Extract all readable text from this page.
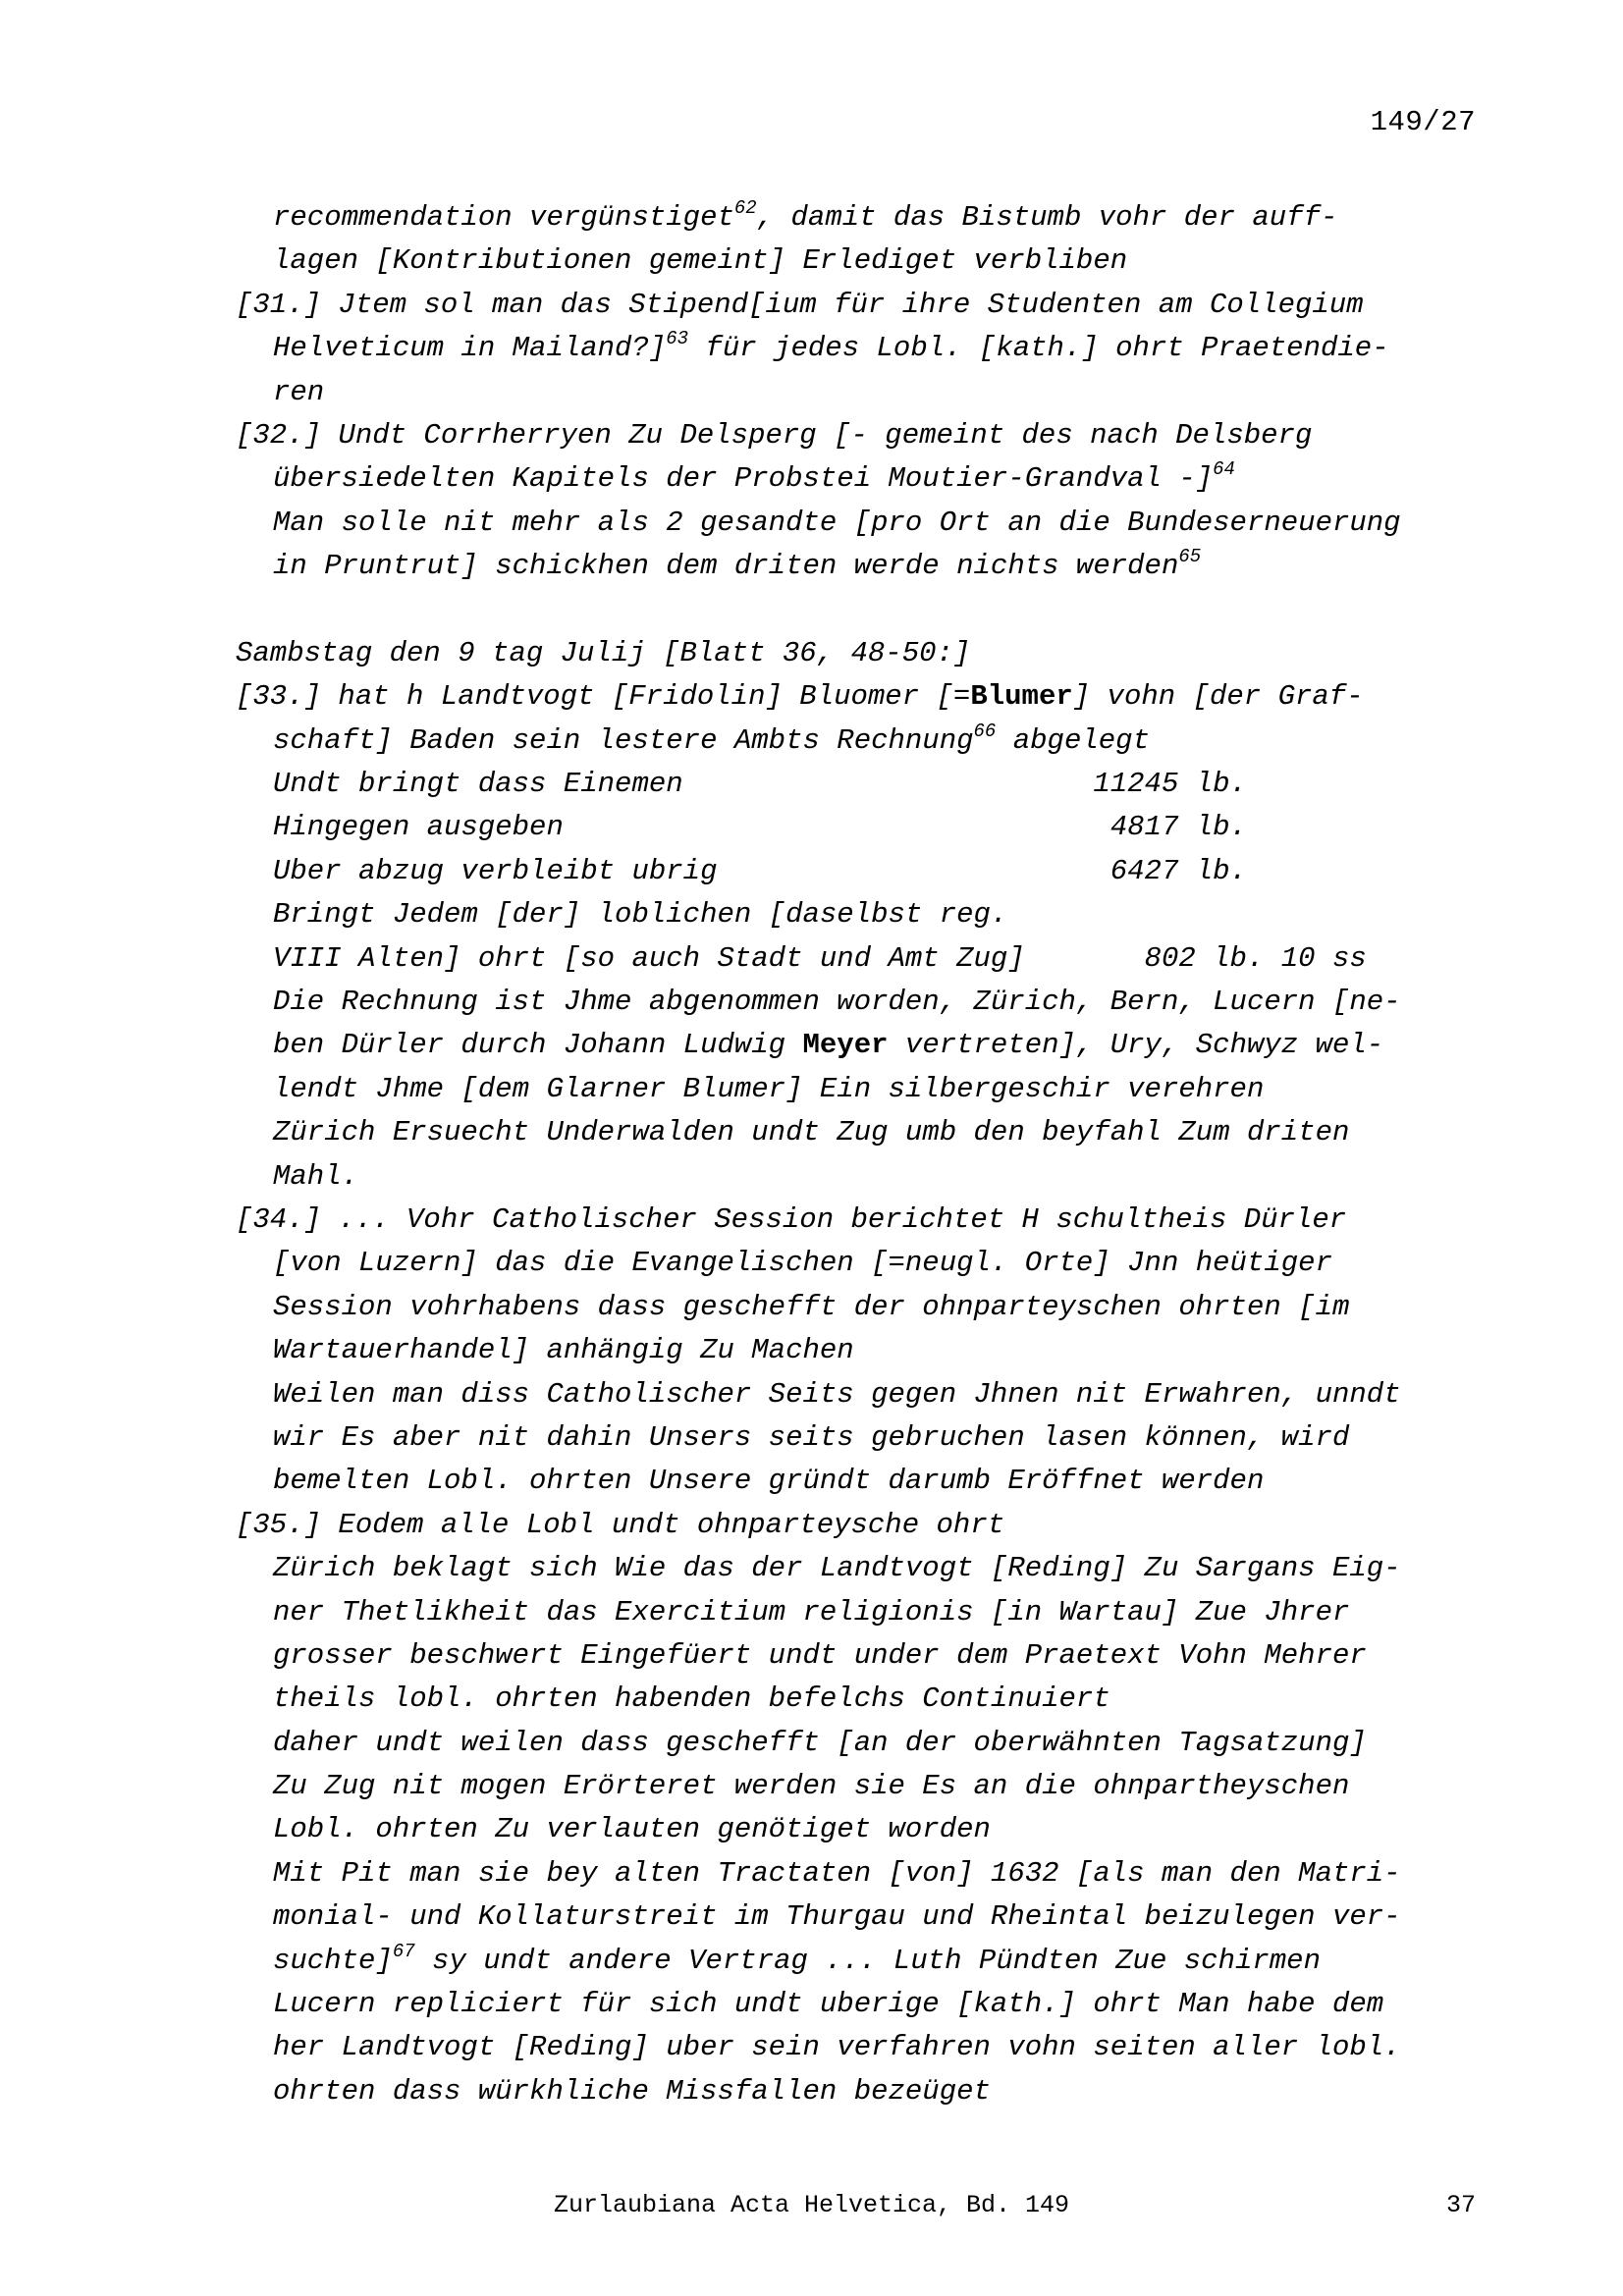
149/27
recommendation vergünstiget$^{62}$, damit das Bistumb vohr der auff-
lagen [Kontributionen gemeint] Erlediget verbliben
[31.] Jtem sol man das Stipend[ium für ihre Studenten am Collegium
Helveticum in Mailand?]$^{63}$ für jedes Lobl. [kath.] ohrt Praetendie-
ren
[32.] Undt Corrherryen Zu Delsperg [- gemeint des nach Delsberg
übersiedelten Kapitels der Probstei Moutier-Grandval -]$^{64}$
Man solle nit mehr als 2 gesandte [pro Ort an die Bundeserneuerung
in Pruntrut] schickhen dem driten werde nichts werden$^{65}$
Sambstag den 9 tag Julij [Blatt 36, 48-50:]
[33.] hat h Landtvogt [Fridolin] Bluomer [=Blumer] vohn [der Graf-
schaft] Baden sein lestere Ambts Rechnung$^{66}$ abgelegt
Undt bringt dass Einemen                        11245 lb.
Hingegen ausgeben                                4817 lb.
Uber abzug verbleibt ubrig                       6427 lb.
Bringt Jedem [der] loblichen [daselbst reg.
VIII Alten] ohrt [so auch Stadt und Amt Zug]       802 lb. 10 ss
Die Rechnung ist Jhme abgenommen worden, Zürich, Bern, Lucern [ne-
ben Dürler durch Johann Ludwig Meyer vertreten], Ury, Schwyz wel-
lendt Jhme [dem Glarner Blumer] Ein silbergeschir verehren
Zürich Ersuecht Underwalden undt Zug umb den beyfahl Zum driten
Mahl.
[34.] ... Vohr Catholischer Session berichtet H schultheis Dürler
[von Luzern] das die Evangelischen [=neugl. Orte] Jnn heütiger
Session vohrhabens dass geschefft der ohnparteyschen ohrten [im
Wartauerhandel] anhängig Zu Machen
Weilen man diss Catholischer Seits gegen Jhnen nit Erwahren, unndt
wir Es aber nit dahin Unsers seits gebruchen lasen können, wird
bemelten Lobl. ohrten Unsere gründt darumb Eröffnet werden
[35.] Eodem alle Lobl undt ohnparteysche ohrt
Zürich beklagt sich Wie das der Landtvogt [Reding] Zu Sargans Eig-
ner Thetlikheit das Exercitium religionis [in Wartau] Zue Jhrer
grosser beschwert Eingefüert undt under dem Praetext Vohn Mehrer
theils lobl. ohrten habenden befelchs Continuiert
daher undt weilen dass geschefft [an der oberwähnten Tagsatzung]
Zu Zug nit mogen Erörteret werden sie Es an die ohnpartheyschen
Lobl. ohrten Zu verlauten genötiget worden
Mit Pit man sie bey alten Tractaten [von] 1632 [als man den Matri-
monial- und Kollaturstreit im Thurgau und Rheintal beizulegen ver-
suchte]$^{67}$ sy undt andere Vertrag ... Luth Pündten Zue schirmen
Lucern repliciert für sich undt uberige [kath.] ohrt Man habe dem
her Landtvogt [Reding] uber sein verfahren vohn seiten aller lobl.
ohrten dass würkhliche Missfallen bezeüget
Zurlaubiana Acta Helvetica, Bd. 149	37
